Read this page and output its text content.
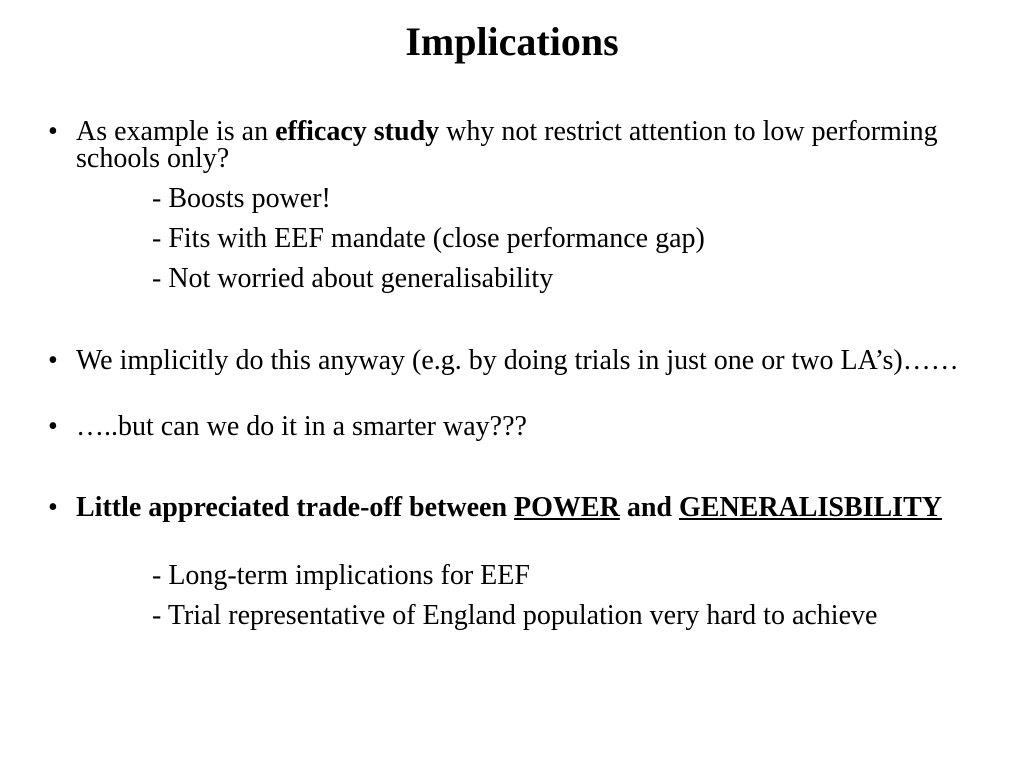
Implications
• As example is an efficacy study why not restrict attention to low performing schools only?
- Boosts power!
- Fits with EEF mandate (close performance gap)
- Not worried about generalisability
• We implicitly do this anyway (e.g. by doing trials in just one or two LA’s)……
• …..but can we do it in a smarter way???
• Little appreciated trade-off between POWER and GENERALISBILITY
- Long-term implications for EEF
- Trial representative of England population very hard to achieve
